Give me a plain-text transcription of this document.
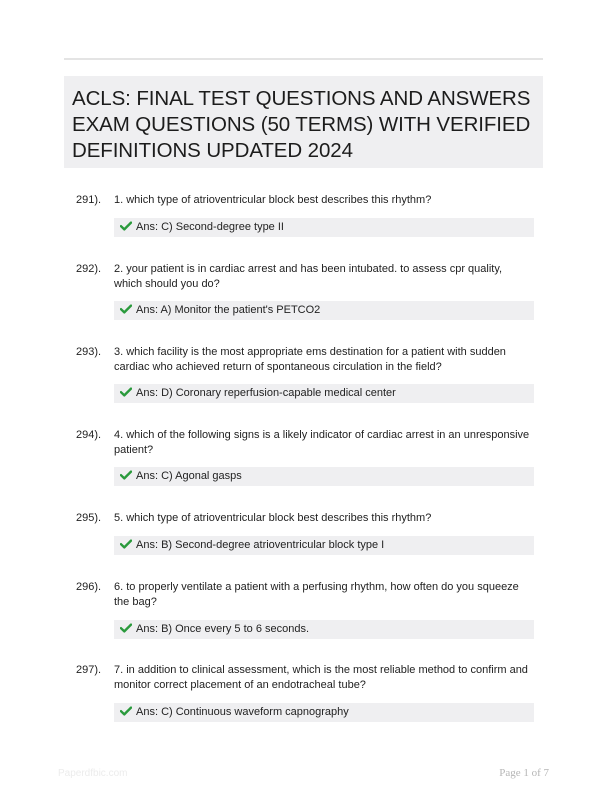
ACLS: FINAL TEST QUESTIONS AND ANSWERS EXAM QUESTIONS (50 TERMS) WITH VERIFIED DEFINITIONS UPDATED 2024
291). 1. which type of atrioventricular block best describes this rhythm?
Ans: C) Second-degree type II
292). 2. your patient is in cardiac arrest and has been intubated. to assess cpr quality, which should you do?
Ans: A) Monitor the patient's PETCO2
293). 3. which facility is the most appropriate ems destination for a patient with sudden cardiac who achieved return of spontaneous circulation in the field?
Ans: D) Coronary reperfusion-capable medical center
294). 4. which of the following signs is a likely indicator of cardiac arrest in an unresponsive patient?
Ans: C) Agonal gasps
295). 5. which type of atrioventricular block best describes this rhythm?
Ans: B) Second-degree atrioventricular block type I
296). 6. to properly ventilate a patient with a perfusing rhythm, how often do you squeeze the bag?
Ans: B) Once every 5 to 6 seconds.
297). 7. in addition to clinical assessment, which is the most reliable method to confirm and monitor correct placement of an endotracheal tube?
Ans: C) Continuous waveform capnography
Paperdfbic.com	Page 1 of 7
